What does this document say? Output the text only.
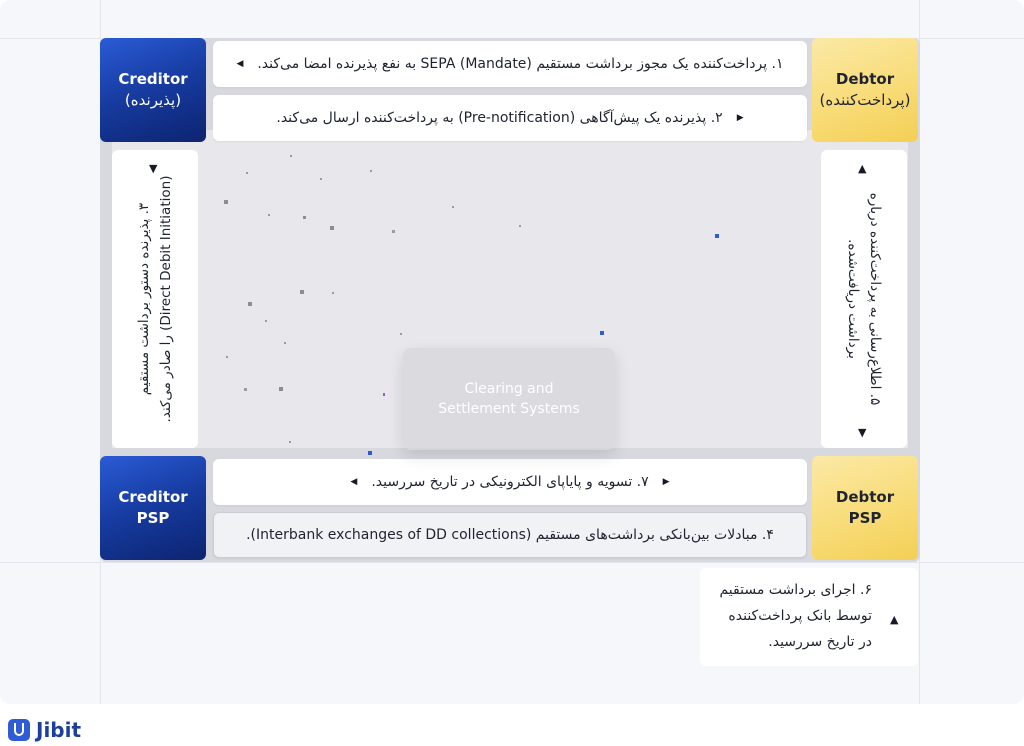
Creditor
(پذیرنده)
Debtor
(پرداخت‌کننده)
Creditor
PSP
Debtor
PSP
◀ ۱. پرداخت‌کننده یک مجوز برداشت مستقیم SEPA (Mandate) به نفع پذیرنده امضا می‌کند.
۲. پذیرنده یک پیش‌آگاهی (Pre-notification) به پرداخت‌کننده ارسال می‌کند. ▶
◀ ۷. تسویه و پایاپای الکترونیکی در تاریخ سررسید. ▶
۴. مبادلات بین‌بانکی برداشت‌های مستقیم (Interbank exchanges of DD collections).
▼
۳. پذیرنده دستور برداشت مستقیم
(Direct Debit Initiation) را صادر می‌کند.
▲
۵. اطلاع‌رسانی به پرداخت‌کننده درباره
برداشت دریافت‌شده.
▼
Clearing and
Settlement Systems
۶. اجرای برداشت مستقیم
توسط بانک پرداخت‌کننده
در تاریخ سررسید.
▲
Jibit
